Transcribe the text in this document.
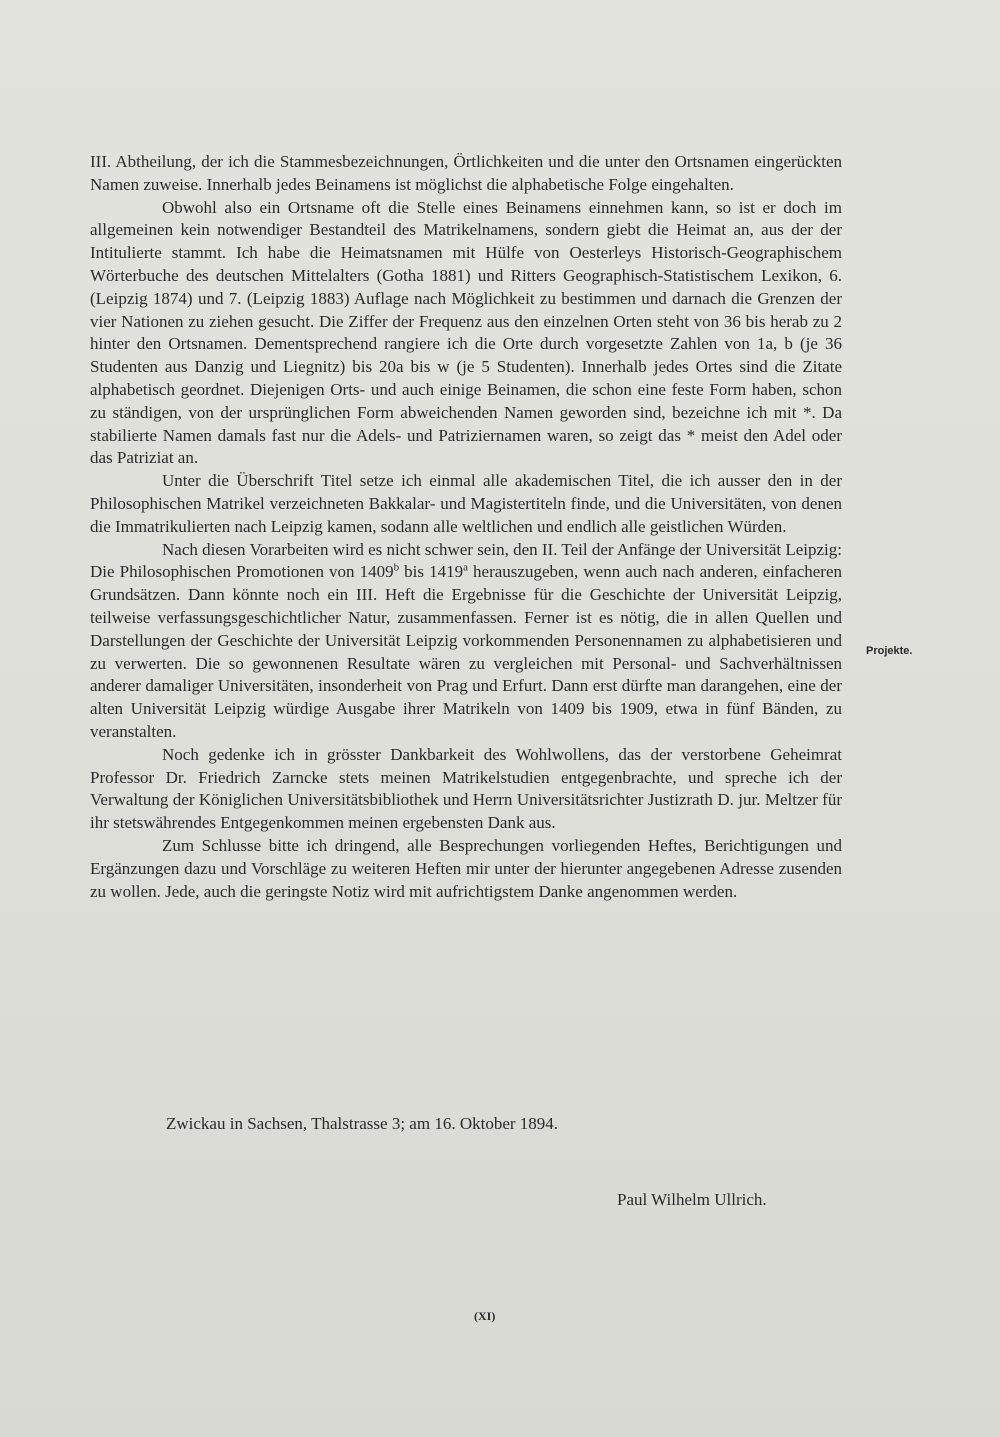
III. Abtheilung, der ich die Stammesbezeichnungen, Örtlichkeiten und die unter den Ortsnamen eingerückten Namen zuweise. Innerhalb jedes Beinamens ist möglichst die alphabetische Folge eingehalten.

Obwohl also ein Ortsname oft die Stelle eines Beinamens einnehmen kann, so ist er doch im allgemeinen kein notwendiger Bestandteil des Matrikelnamens, sondern giebt die Heimat an, aus der der Intitulierte stammt. Ich habe die Heimatsnamen mit Hülfe von Oesterleys Historisch-Geographischem Wörterbuche des deutschen Mittelalters (Gotha 1881) und Ritters Geographisch-Statistischem Lexikon, 6. (Leipzig 1874) und 7. (Leipzig 1883) Auflage nach Möglichkeit zu bestimmen und darnach die Grenzen der vier Nationen zu ziehen gesucht. Die Ziffer der Frequenz aus den einzelnen Orten steht von 36 bis herab zu 2 hinter den Ortsnamen. Dementsprechend rangiere ich die Orte durch vorgesetzte Zahlen von 1a, b (je 36 Studenten aus Danzig und Liegnitz) bis 20a bis w (je 5 Studenten). Innerhalb jedes Ortes sind die Zitate alphabetisch geordnet. Diejenigen Orts- und auch einige Beinamen, die schon eine feste Form haben, schon zu ständigen, von der ursprünglichen Form abweichenden Namen geworden sind, bezeichne ich mit *. Da stabilierte Namen damals fast nur die Adels- und Patriziernamen waren, so zeigt das * meist den Adel oder das Patriziat an.

Unter die Überschrift Titel setze ich einmal alle akademischen Titel, die ich ausser den in der Philosophischen Matrikel verzeichneten Bakkalar- und Magistertiteln finde, und die Universitäten, von denen die Immatrikulierten nach Leipzig kamen, sodann alle weltlichen und endlich alle geistlichen Würden.

Nach diesen Vorarbeiten wird es nicht schwer sein, den II. Teil der Anfänge der Universität Leipzig: Die Philosophischen Promotionen von 1409$^b$ bis 1419$^a$ herauszugeben, wenn auch nach anderen, einfacheren Grundsätzen. Dann könnte noch ein III. Heft die Ergebnisse für die Geschichte der Universität Leipzig, teilweise verfassungsgeschichtlicher Natur, zusammenfassen. Ferner ist es nötig, die in allen Quellen und Darstellungen der Geschichte der Universität Leipzig vorkommenden Personennamen zu alphabetisieren und zu verwerten. Die so gewonnenen Resultate wären zu vergleichen mit Personal- und Sachverhältnissen anderer damaliger Universitäten, insonderheit von Prag und Erfurt. Dann erst dürfte man darangehen, eine der alten Universität Leipzig würdige Ausgabe ihrer Matrikeln von 1409 bis 1909, etwa in fünf Bänden, zu veranstalten.

Noch gedenke ich in grösster Dankbarkeit des Wohlwollens, das der verstorbene Geheimrat Professor Dr. Friedrich Zarncke stets meinen Matrikelstudien entgegenbrachte, und spreche ich der Verwaltung der Königlichen Universitätsbibliothek und Herrn Universitätsrichter Justizrath D. jur. Meltzer für ihr stetswährendes Entgegenkommen meinen ergebensten Dank aus.

Zum Schlusse bitte ich dringend, alle Besprechungen vorliegenden Heftes, Berichtigungen und Ergänzungen dazu und Vorschläge zu weiteren Heften mir unter der hierunter angegebenen Adresse zusenden zu wollen. Jede, auch die geringste Notiz wird mit aufrichtigstem Danke angenommen werden.

Projekte.
Zwickau in Sachsen, Thalstrasse 3; am 16. Oktober 1894.
Paul Wilhelm Ullrich.
(XI)
